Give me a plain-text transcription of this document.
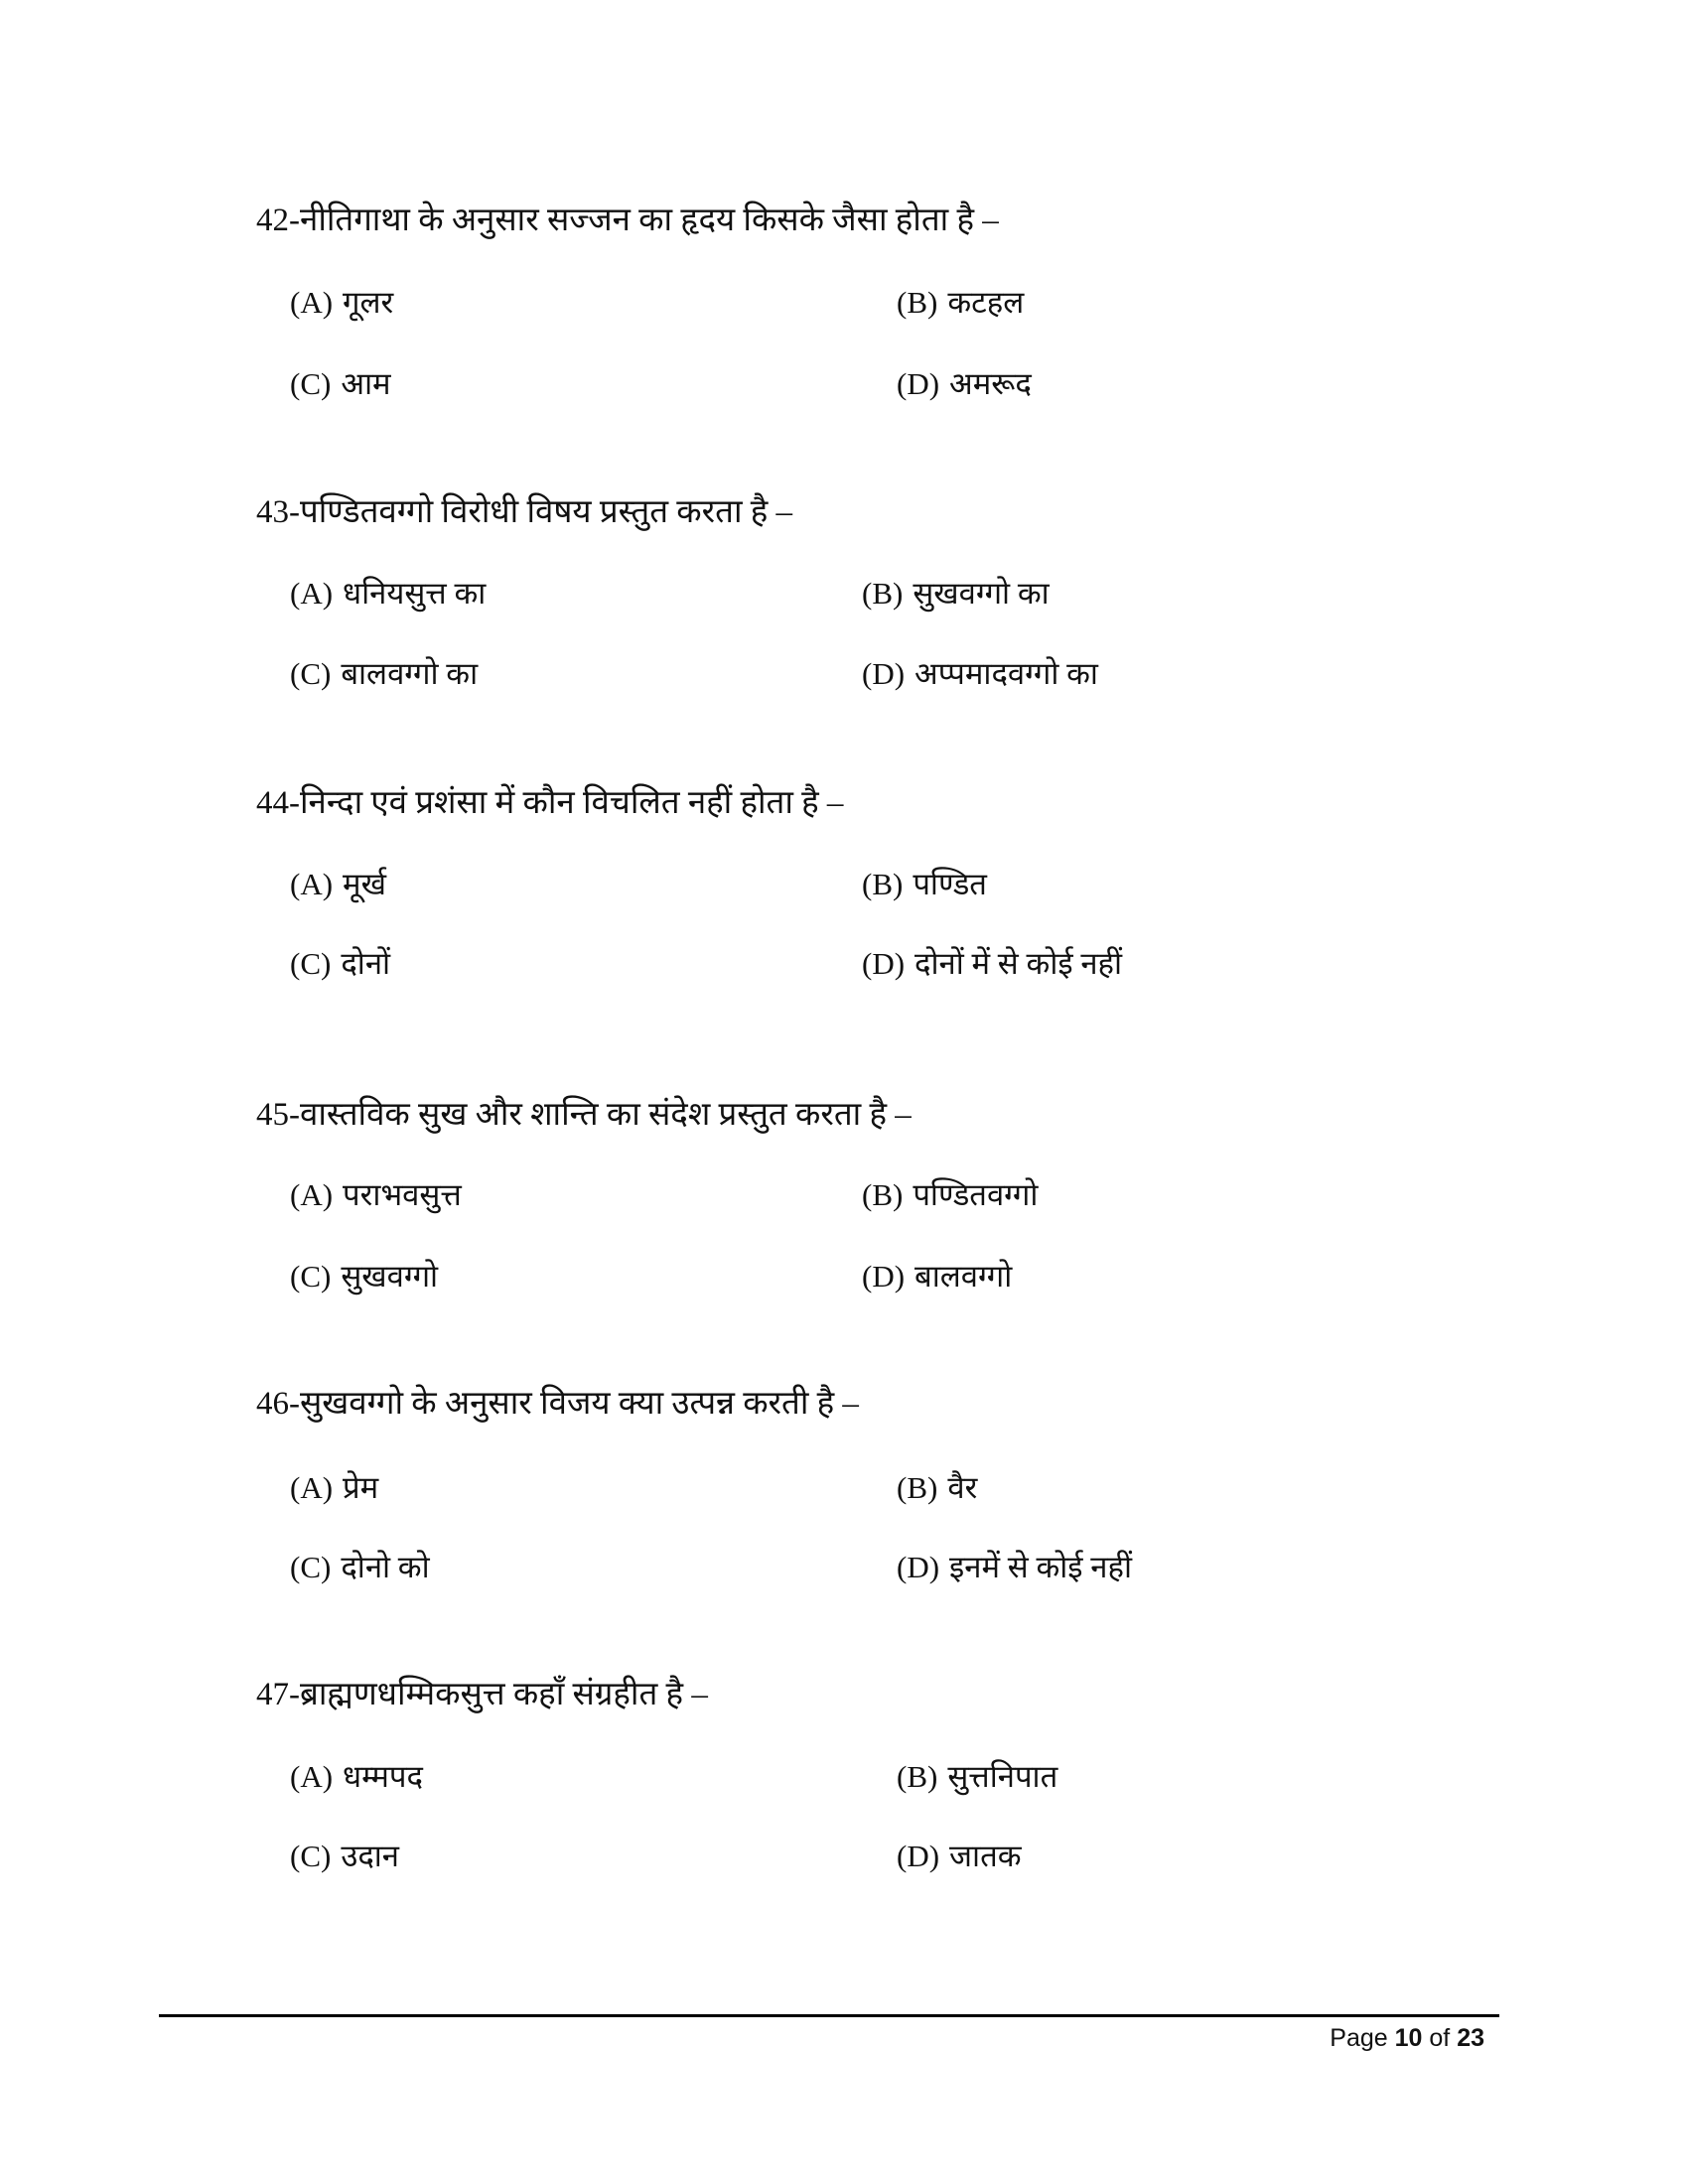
42-नीतिगाथा के अनुसार सज्जन का हृदय किसके जैसा होता है –
(A) गूलर	(B) कटहल
(C) आम	(D) अमरूद
43-पण्डितवग्गो विरोधी विषय प्रस्तुत करता है –
(A) धनियसुत्त का	(B) सुखवग्गो का
(C) बालवग्गो का	(D) अप्पमादवग्गो का
44-निन्दा एवं प्रशंसा में कौन विचलित नहीं होता है –
(A) मूर्ख	(B) पण्डित
(C) दोनों	(D) दोनों में से कोई नहीं
45-वास्तविक सुख और शान्ति का संदेश प्रस्तुत करता है –
(A) पराभवसुत्त	(B) पण्डितवग्गो
(C) सुखवग्गो	(D) बालवग्गो
46-सुखवग्गो के अनुसार विजय क्या उत्पन्न करती है –
(A) प्रेम	(B) वैर
(C) दोनो को	(D) इनमें से कोई नहीं
47-ब्राह्मणधम्मिकसुत्त कहाँ संग्रहीत है –
(A) धम्मपद	(B) सुत्तनिपात
(C) उदान	(D) जातक
Page 10 of 23
